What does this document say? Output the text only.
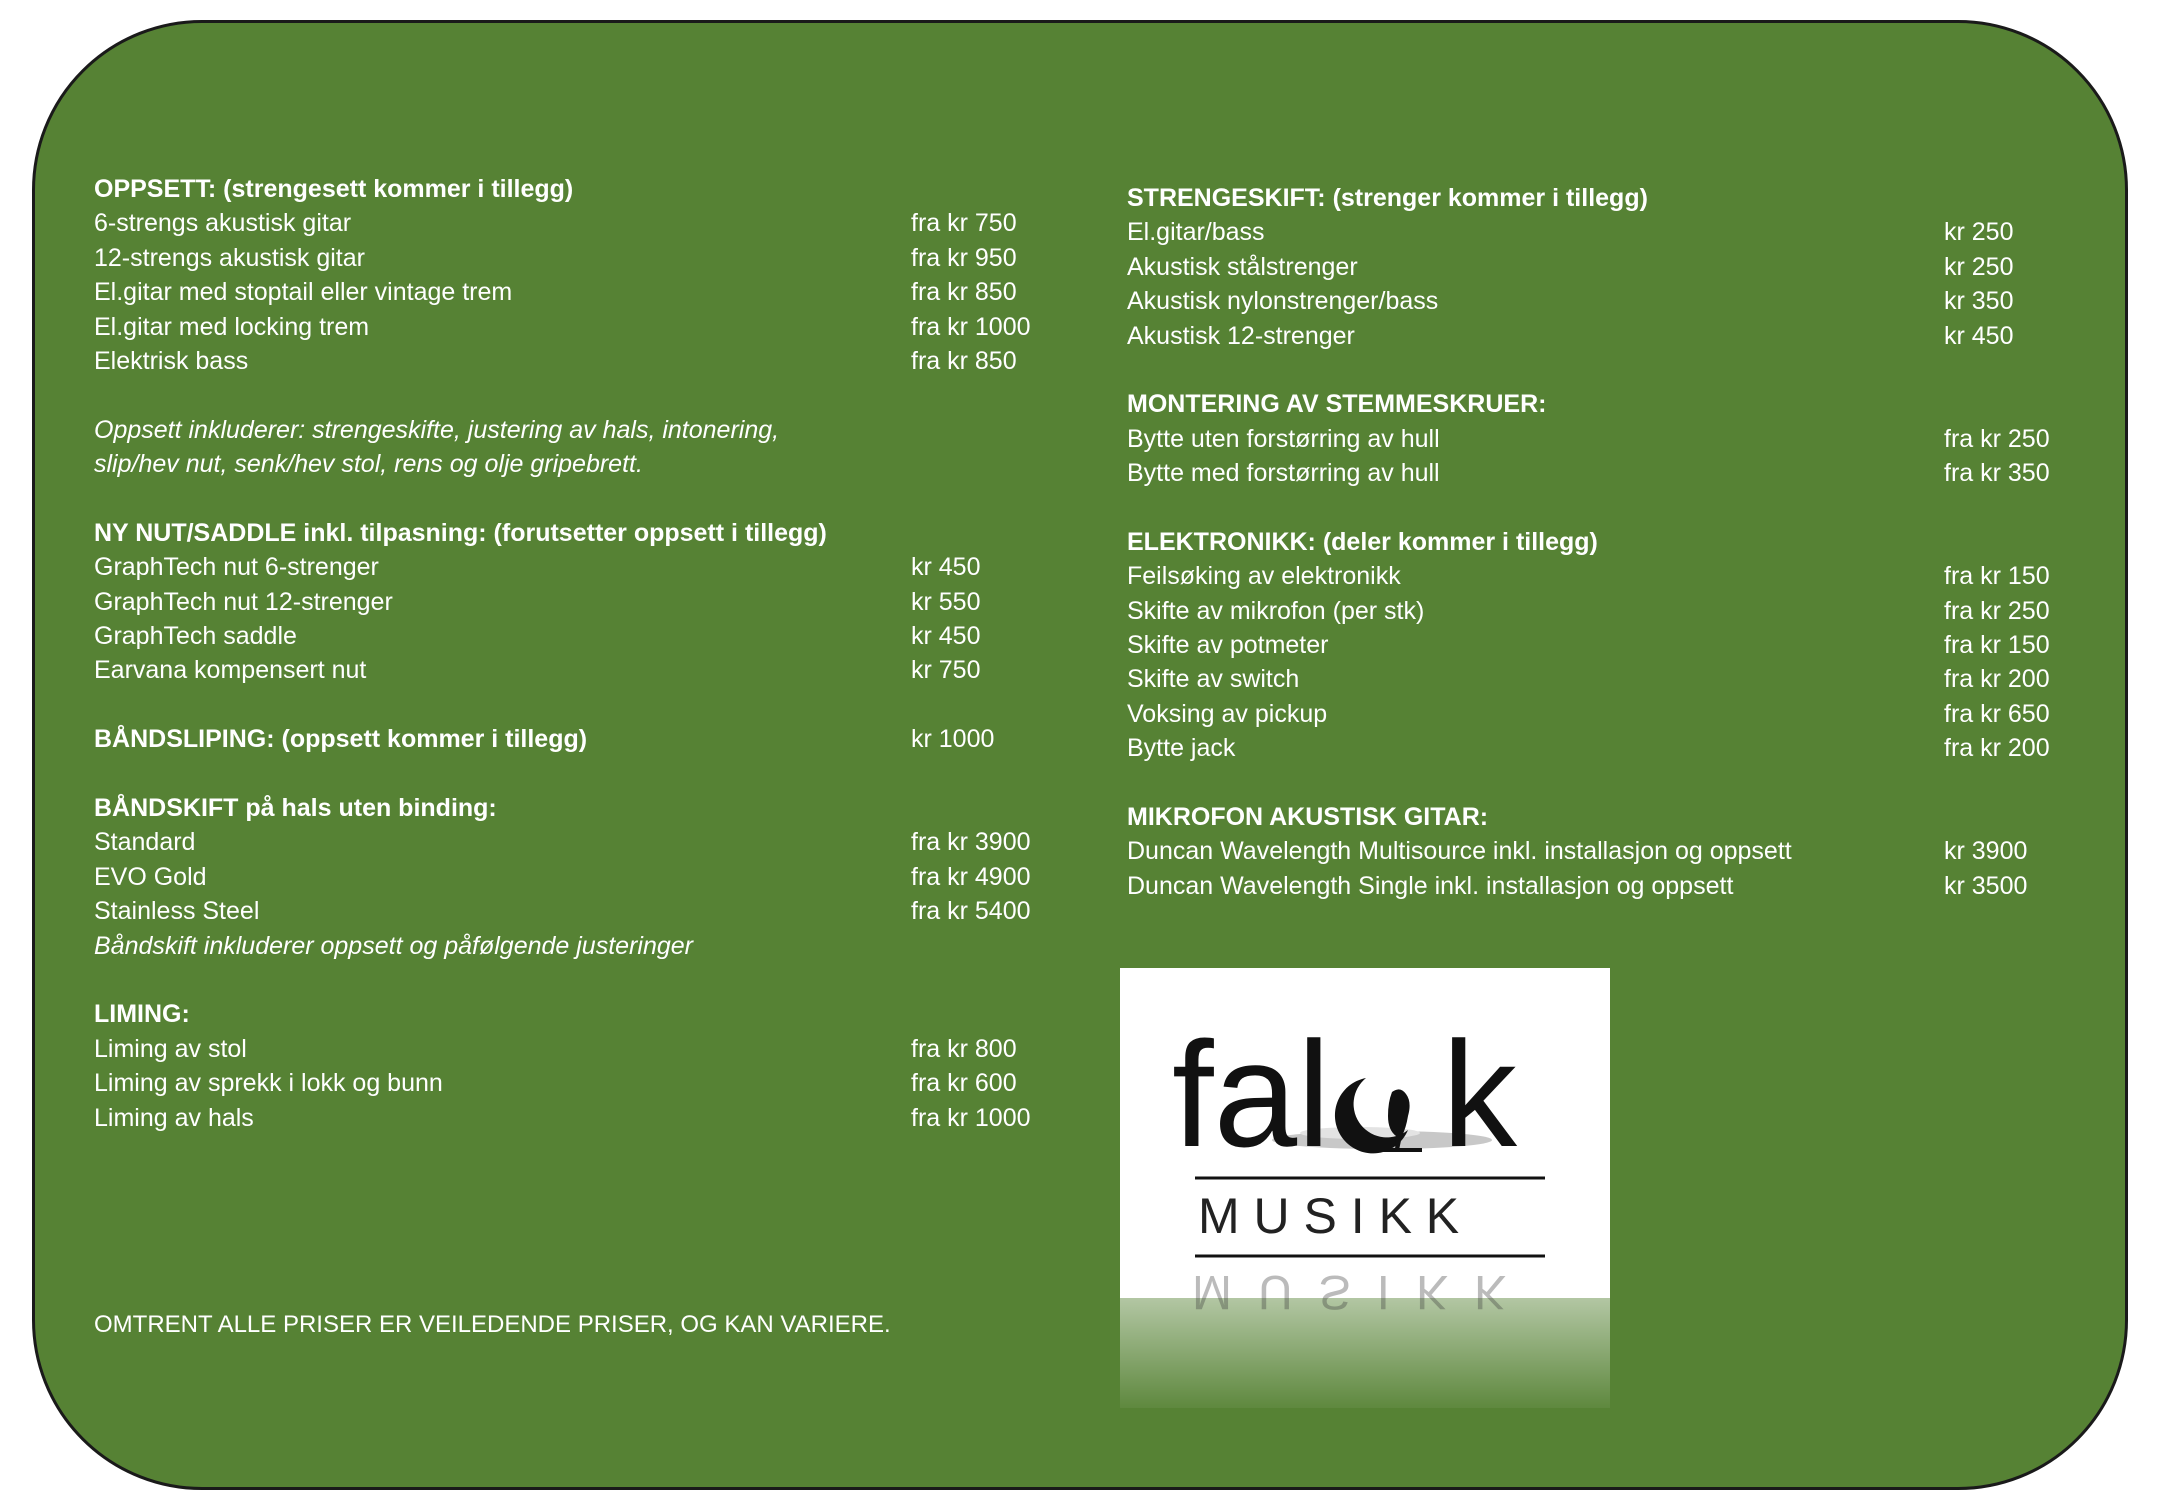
OPPSETT: (strengesett kommer i tillegg)
6-strengs akustisk gitar	fra kr 750
12-strengs akustisk gitar	fra kr 950
El.gitar med stoptail eller vintage trem	fra kr 850
El.gitar med locking trem	fra kr 1000
Elektrisk bass	fra kr 850
Oppsett inkluderer: strengeskifte, justering av hals, intonering,
slip/hev nut, senk/hev stol, rens og olje gripebrett.
NY NUT/SADDLE inkl. tilpasning: (forutsetter oppsett i tillegg)
GraphTech nut 6-strenger	kr 450
GraphTech nut 12-strenger	kr 550
GraphTech saddle	kr 450
Earvana kompensert nut	kr 750
BÅNDSLIPING: (oppsett kommer i tillegg)	kr 1000
BÅNDSKIFT på hals uten binding:
Standard	fra kr 3900
EVO Gold	fra kr 4900
Stainless Steel	fra kr 5400
Båndskift inkluderer oppsett og påfølgende justeringer
LIMING:
Liming av stol	fra kr 800
Liming av sprekk i lokk og bunn	fra kr 600
Liming av hals	fra kr 1000
STRENGESKIFT: (strenger kommer i tillegg)
El.gitar/bass	kr 250
Akustisk stålstrenger	kr 250
Akustisk nylonstrenger/bass	kr 350
Akustisk 12-strenger	kr 450
MONTERING AV STEMMESKRUER:
Bytte uten forstørring av hull	fra kr 250
Bytte med forstørring av hull	fra kr 350
ELEKTRONIKK: (deler kommer i tillegg)
Feilsøking av elektronikk	fra kr 150
Skifte av mikrofon (per stk)	fra kr 250
Skifte av potmeter	fra kr 150
Skifte av switch	fra kr 200
Voksing av pickup	fra kr 650
Bytte jack	fra kr 200
MIKROFON AKUSTISK GITAR:
Duncan Wavelength Multisource inkl. installasjon og oppsett	kr 3900
Duncan Wavelength Single inkl. installasjon og oppsett	kr 3500
OMTRENT ALLE PRISER ER VEILEDENDE PRISER, OG KAN VARIERE.
fal k
M U S I K K
MUSIKK
